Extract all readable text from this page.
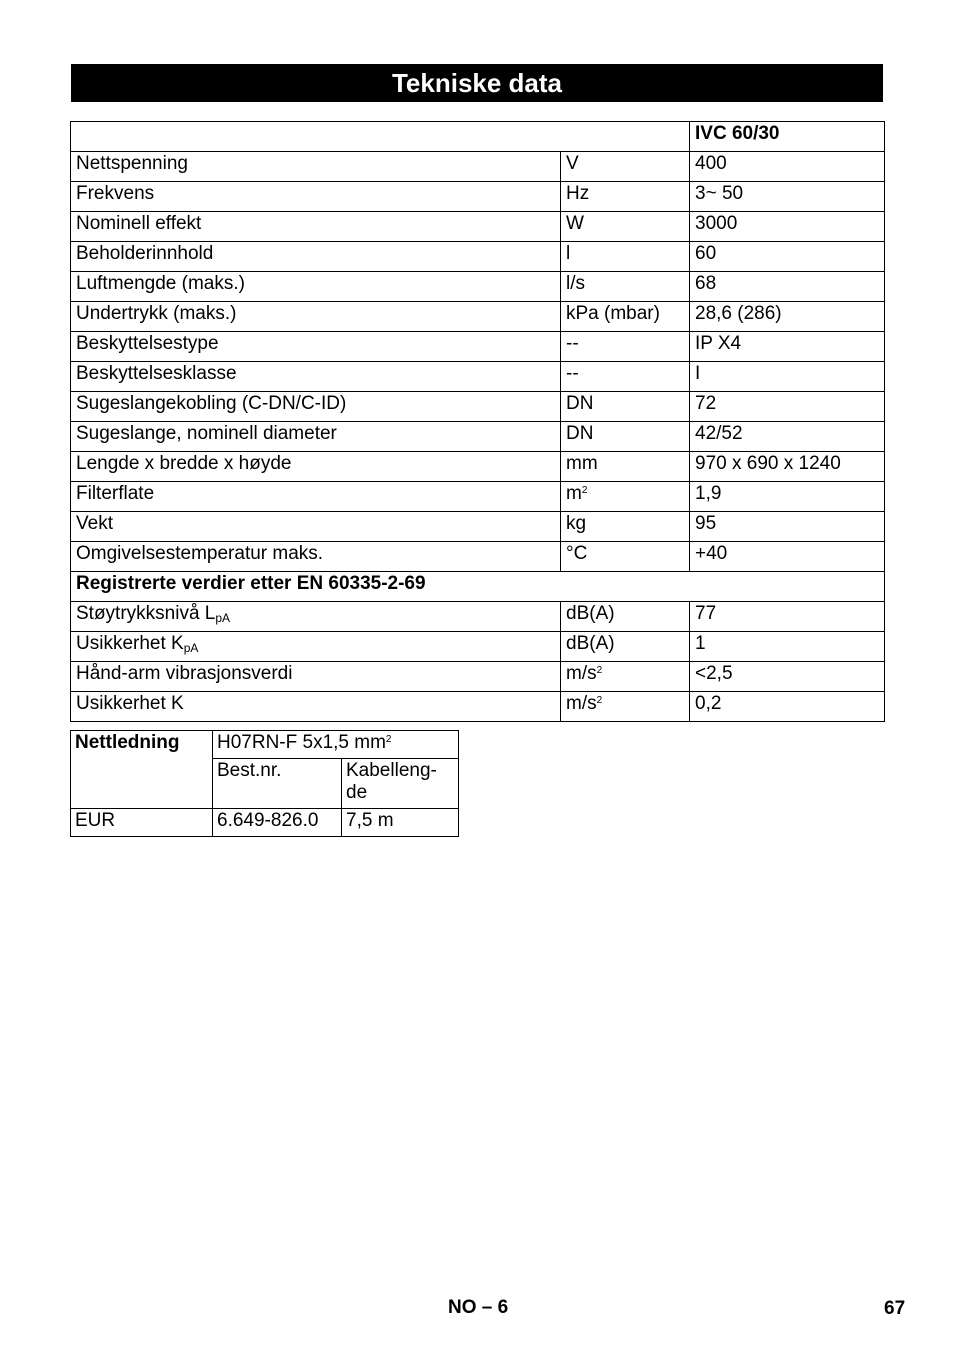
Tekniske data
		IVC 60/30
Nettspenning	V	400
Frekvens	Hz	3~ 50
Nominell effekt	W	3000
Beholderinnhold	l	60
Luftmengde (maks.)	l/s	68
Undertrykk (maks.)	kPa (mbar)	28,6 (286)
Beskyttelsestype	--	IP X4
Beskyttelsesklasse	--	I
Sugeslangekobling (C-DN/C-ID)	DN	72
Sugeslange, nominell diameter	DN	42/52
Lengde x bredde x høyde	mm	970 x 690 x 1240
Filterflate	$m^2$	1,9
Vekt	kg	95
Omgivelsestemperatur maks.	°C	+40
Registrerte verdier etter EN 60335-2-69		
Støytrykksnivå $L_{pA}$	dB(A)	77
Usikkerhet $K_{pA}$	dB(A)	1
Hånd-arm vibrasjonsverdi	$m/s^2$	<2,5
Usikkerhet K	$m/s^2$	0,2
Nettledning	H07RN-F 5x1,5 $mm^2$
	Best.nr.	Kabelleng-
de
EUR	6.649-826.0	7,5 m
NO – 6	67
